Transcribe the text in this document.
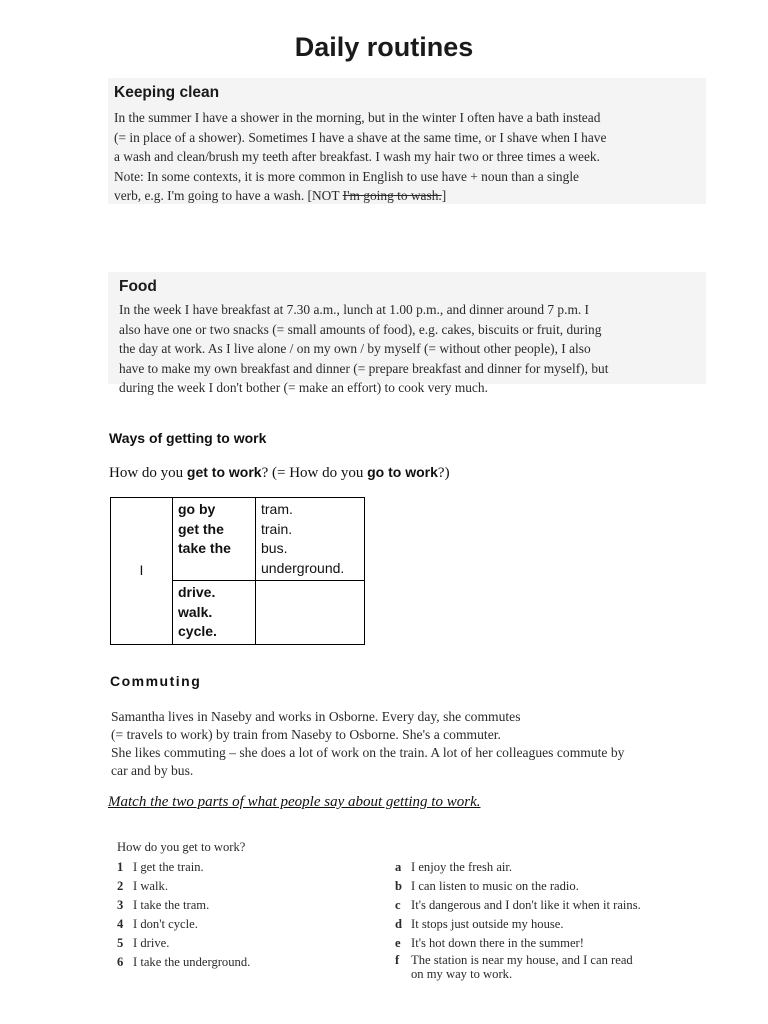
Daily routines
Keeping clean

In the summer I have a shower in the morning, but in the winter I often have a bath instead

(= in place of a shower). Sometimes I have a shave at the same time, or I shave when I have

a wash and clean/brush my teeth after breakfast. I wash my hair two or three times a week.

Note: In some contexts, it is more common in English to use have + noun than a single

verb, e.g. I'm going to have a wash. [NOT I'm going to wash.]

Food

In the week I have breakfast at 7.30 a.m., lunch at 1.00 p.m., and dinner around 7 p.m. I

also have one or two snacks (= small amounts of food), e.g. cakes, biscuits or fruit, during

the day at work. As I live alone / on my own / by myself (= without other people), I also

have to make my own breakfast and dinner (= prepare breakfast and dinner for myself), but

during the week I don't bother (= make an effort) to cook very much.

Ways of getting to work
How do you get to work? (= How do you go to work?)
I	go by
get the
take the	tram.
train.
bus.
underground.

	drive.
walk.
cycle.	

Commuting

Samantha lives in Naseby and works in Osborne. Every day, she commutes

(= travels to work) by train from Naseby to Osborne. She's a commuter.

She likes commuting – she does a lot of work on the train. A lot of her colleagues commute by

car and by bus.

Match the two parts of what people say about getting to work.
How do you get to work?
1 I get the train.
2 I walk.
3 I take the tram.
4 I don't cycle.
5 I drive.
6 I take the underground.
a I enjoy the fresh air.
b I can listen to music on the radio.
c It's dangerous and I don't like it when it rains.
d It stops just outside my house.
e It's hot down there in the summer!
f The station is near my house, and I can read
on my way to work.
